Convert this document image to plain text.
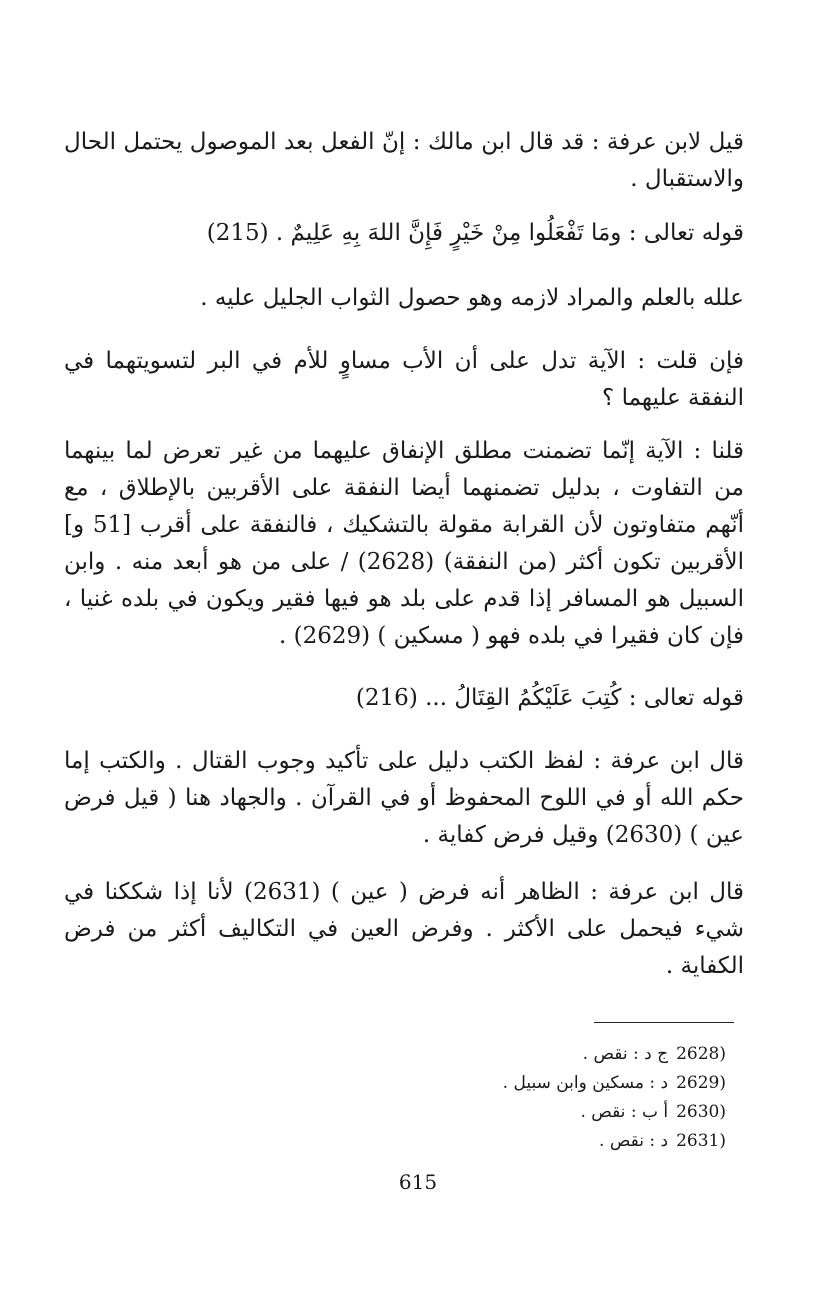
قيل لابن عرفة : قد قال ابن مالك : إنّ الفعل بعد الموصول يحتمل الحال والاستقبال .

قوله تعالى : ومَا تَفْعَلُوا مِنْ خَيْرٍ فَإِنَّ اللهَ بِهِ عَلِيمٌ . (215)

علله بالعلم والمراد لازمه وهو حصول الثواب الجليل عليه .

فإن قلت : الآية تدل على أن الأب مساوٍ للأم في البر لتسويتهما في النفقة عليهما ؟

قلنا : الآية إنّما تضمنت مطلق الإنفاق عليهما من غير تعرض لما بينهما من التفاوت ، بدليل تضمنهما أيضا النفقة على الأقربين بالإطلاق ، مع أنّهم متفاوتون لأن القرابة مقولة بالتشكيك ، فالنفقة على أقرب [51 و] الأقربين تكون أكثر (من النفقة) (2628) / على من هو أبعد منه . وابن السبيل هو المسافر إذا قدم على بلد هو فيها فقير ويكون في بلده غنيا ، فإن كان فقيرا في بلده فهو ( مسكين ) (2629) .

قوله تعالى : كُتِبَ عَلَيْكُمُ القِتَالُ ... (216)

قال ابن عرفة : لفظ الكتب دليل على تأكيد وجوب القتال . والكتب إما حكم الله أو في اللوح المحفوظ أو في القرآن . والجهاد هنا ( قيل فرض عين ) (2630) وقيل فرض كفاية .

قال ابن عرفة : الظاهر أنه فرض ( عين ) (2631) لأنا إذا شككنا في شيء فيحمل على الأكثر . وفرض العين في التكاليف أكثر من فرض الكفاية .

(2628ج د : نقص .
(2629د : مسكين وابن سبيل .
(2630أ ب : نقص .
(2631د : نقص .
615
